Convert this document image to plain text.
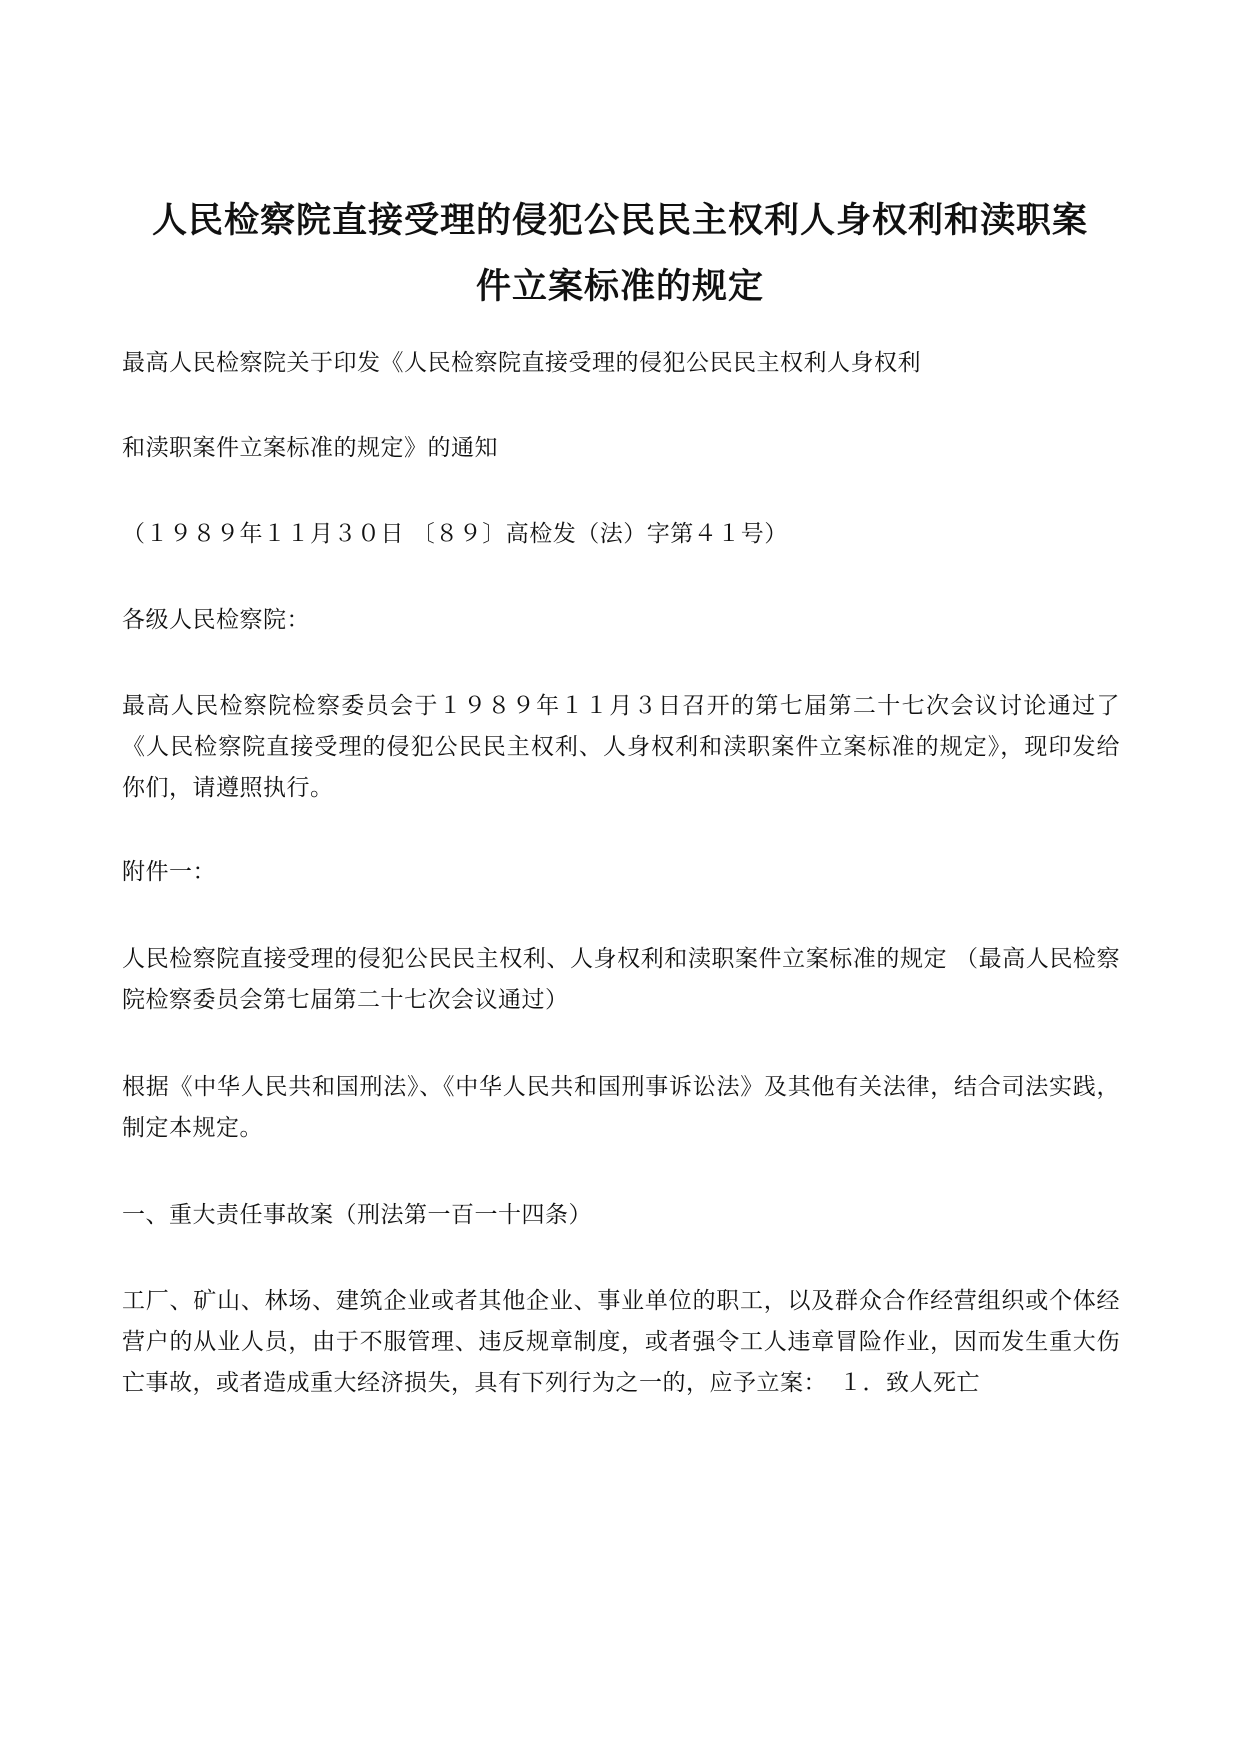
人民检察院直接受理的侵犯公民民主权利人身权利和渎职案
件立案标准的规定

最高人民检察院关于印发《人民检察院直接受理的侵犯公民民主权利人身权利

和渎职案件立案标准的规定》的通知

（１９８９年１１月３０日 〔８９〕高检发（法）字第４１号）

各级人民检察院：

最高人民检察院检察委员会于１９８９年１１月３日召开的第七届第二十七次会议讨论通过了《人民检察院直接受理的侵犯公民民主权利、人身权利和渎职案件立案标准的规定》，现印发给你们，请遵照执行。

附件一：

人民检察院直接受理的侵犯公民民主权利、人身权利和渎职案件立案标准的规定 （最高人民检察院检察委员会第七届第二十七次会议通过）

根据《中华人民共和国刑法》、《中华人民共和国刑事诉讼法》及其他有关法律，结合司法实践，制定本规定。

一、重大责任事故案（刑法第一百一十四条）

工厂、矿山、林场、建筑企业或者其他企业、事业单位的职工，以及群众合作经营组织或个体经营户的从业人员，由于不服管理、违反规章制度，或者强令工人违章冒险作业，因而发生重大伤亡事故，或者造成重大经济损失，具有下列行为之一的，应予立案：　１．致人死亡
